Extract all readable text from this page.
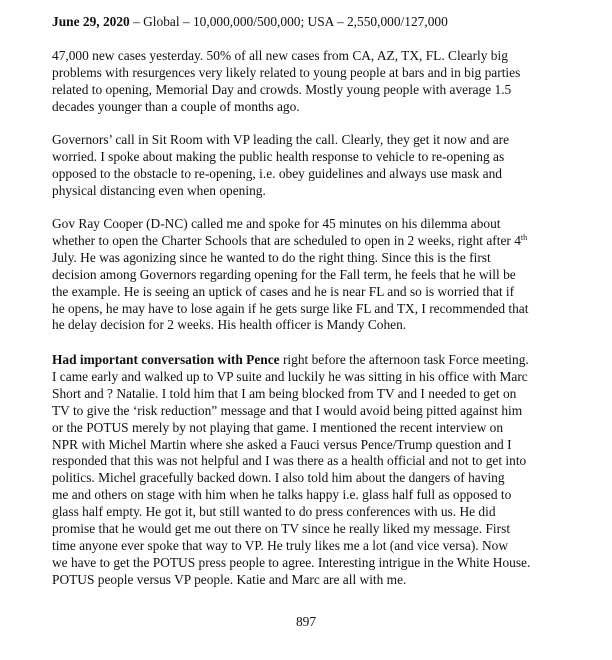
June 29, 2020 – Global – 10,000,000/500,000; USA – 2,550,000/127,000
47,000 new cases yesterday. 50% of all new cases from CA, AZ, TX, FL. Clearly big
problems with resurgences very likely related to young people at bars and in big parties
related to opening, Memorial Day and crowds. Mostly young people with average 1.5
decades younger than a couple of months ago.
Governors’ call in Sit Room with VP leading the call. Clearly, they get it now and are
worried. I spoke about making the public health response to vehicle to re-opening as
opposed to the obstacle to re-opening, i.e. obey guidelines and always use mask and
physical distancing even when opening.
Gov Ray Cooper (D-NC) called me and spoke for 45 minutes on his dilemma about
whether to open the Charter Schools that are scheduled to open in 2 weeks, right after 4th
July. He was agonizing since he wanted to do the right thing. Since this is the first
decision among Governors regarding opening for the Fall term, he feels that he will be
the example. He is seeing an uptick of cases and he is near FL and so is worried that if
he opens, he may have to lose again if he gets surge like FL and TX, I recommended that
he delay decision for 2 weeks. His health officer is Mandy Cohen.
Had important conversation with Pence right before the afternoon task Force meeting.
I came early and walked up to VP suite and luckily he was sitting in his office with Marc
Short and ? Natalie. I told him that I am being blocked from TV and I needed to get on
TV to give the ‘risk reduction” message and that I would avoid being pitted against him
or the POTUS merely by not playing that game. I mentioned the recent interview on
NPR with Michel Martin where she asked a Fauci versus Pence/Trump question and I
responded that this was not helpful and I was there as a health official and not to get into
politics. Michel gracefully backed down. I also told him about the dangers of having
me and others on stage with him when he talks happy i.e. glass half full as opposed to
glass half empty. He got it, but still wanted to do press conferences with us. He did
promise that he would get me out there on TV since he really liked my message. First
time anyone ever spoke that way to VP. He truly likes me a lot (and vice versa). Now
we have to get the POTUS press people to agree. Interesting intrigue in the White House.
POTUS people versus VP people. Katie and Marc are all with me.
897
